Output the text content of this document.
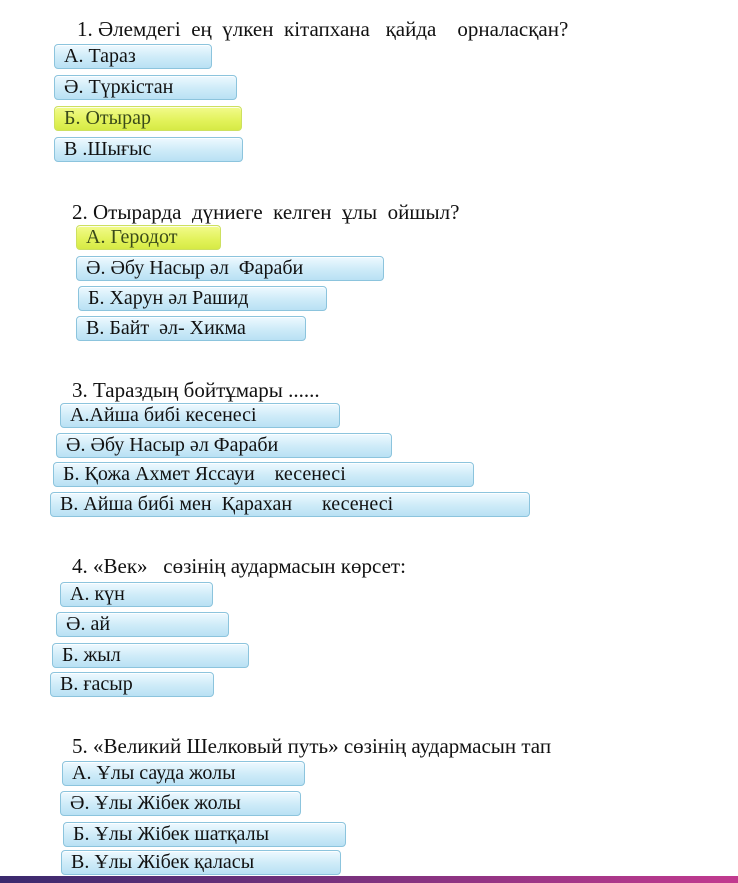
1. Әлемдегі  ең  үлкен  кітапхана   қайда    орналасқан?
А. Тараз
Ә. Түркістан
Б. Отырар
В .Шығыс
2. Отырарда  дүниеге  келген  ұлы  ойшыл?
А. Геродот
Ә. Әбу Насыр әл  Фараби
Б. Харун әл Рашид
В. Байт  әл- Хикма
3. Тараздың бойтұмары ......
А.Айша бибі кесенесі
Ә. Әбу Насыр әл Фараби
Б. Қожа Ахмет Яссауи    кесенесі
В. Айша бибі мен  Қарахан      кесенесі
4. «Век»   сөзінің аудармасын көрсет:
А. күн
Ә. ай
Б. жыл
В. ғасыр
5. «Великий Шелковый путь» сөзінің аудармасын тап
А. Ұлы сауда жолы
Ә. Ұлы Жібек жолы
Б. Ұлы Жібек шатқалы
В. Ұлы Жібек қаласы
